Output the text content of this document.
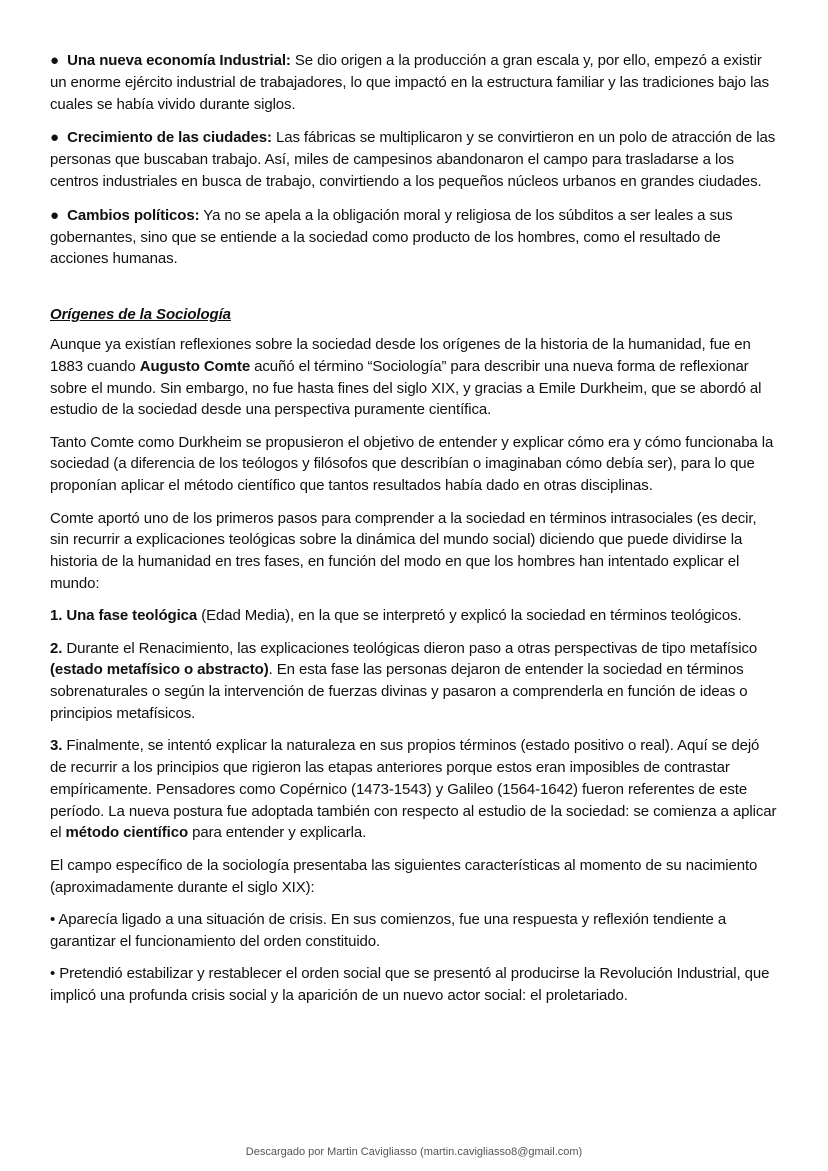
● Una nueva economía Industrial: Se dio origen a la producción a gran escala y, por ello, empezó a existir un enorme ejército industrial de trabajadores, lo que impactó en la estructura familiar y las tradiciones bajo las cuales se había vivido durante siglos.

● Crecimiento de las ciudades: Las fábricas se multiplicaron y se convirtieron en un polo de atracción de las personas que buscaban trabajo. Así, miles de campesinos abandonaron el campo para trasladarse a los centros industriales en busca de trabajo, convirtiendo a los pequeños núcleos urbanos en grandes ciudades.

● Cambios políticos: Ya no se apela a la obligación moral y religiosa de los súbditos a ser leales a sus gobernantes, sino que se entiende a la sociedad como producto de los hombres, como el resultado de acciones humanas.

Orígenes de la Sociología

Aunque ya existían reflexiones sobre la sociedad desde los orígenes de la historia de la humanidad, fue en 1883 cuando Augusto Comte acuñó el término “Sociología” para describir una nueva forma de reflexionar sobre el mundo. Sin embargo, no fue hasta fines del siglo XIX, y gracias a Emile Durkheim, que se abordó al estudio de la sociedad desde una perspectiva puramente científica.

Tanto Comte como Durkheim se propusieron el objetivo de entender y explicar cómo era y cómo funcionaba la sociedad (a diferencia de los teólogos y filósofos que describían o imaginaban cómo debía ser), para lo que proponían aplicar el método científico que tantos resultados había dado en otras disciplinas.

Comte aportó uno de los primeros pasos para comprender a la sociedad en términos intrasociales (es decir, sin recurrir a explicaciones teológicas sobre la dinámica del mundo social) diciendo que puede dividirse la historia de la humanidad en tres fases, en función del modo en que los hombres han intentado explicar el mundo:

1. Una fase teológica (Edad Media), en la que se interpretó y explicó la sociedad en términos teológicos.

2. Durante el Renacimiento, las explicaciones teológicas dieron paso a otras perspectivas de tipo metafísico (estado metafísico o abstracto). En esta fase las personas dejaron de entender la sociedad en términos sobrenaturales o según la intervención de fuerzas divinas y pasaron a comprenderla en función de ideas o principios metafísicos.

3. Finalmente, se intentó explicar la naturaleza en sus propios términos (estado positivo o real). Aquí se dejó de recurrir a los principios que rigieron las etapas anteriores porque estos eran imposibles de contrastar empíricamente. Pensadores como Copérnico (1473-1543) y Galileo (1564-1642) fueron referentes de este período. La nueva postura fue adoptada también con respecto al estudio de la sociedad: se comienza a aplicar el método científico para entender y explicarla.

El campo específico de la sociología presentaba las siguientes características al momento de su nacimiento (aproximadamente durante el siglo XIX):

• Aparecía ligado a una situación de crisis. En sus comienzos, fue una respuesta y reflexión tendiente a garantizar el funcionamiento del orden constituido.

• Pretendió estabilizar y restablecer el orden social que se presentó al producirse la Revolución Industrial, que implicó una profunda crisis social y la aparición de un nuevo actor social: el proletariado.

Descargado por Martin Cavigliasso (martin.cavigliasso8@gmail.com)
